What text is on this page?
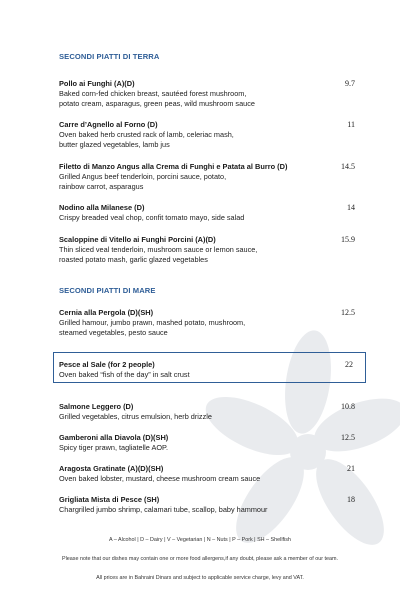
SECONDI PIATTI DI TERRA
Pollo ai Funghi (A)(D)
Baked corn-fed chicken breast, sautéed forest mushroom,
potato cream, asparagus, green peas, wild mushroom sauce
9.7
Carre d’Agnello al Forno (D)
Oven baked herb crusted rack of lamb, celeriac mash,
butter glazed vegetables, lamb jus
11
Filetto di Manzo Angus alla Crema di Funghi e Patata al Burro (D)
Grilled Angus beef tenderloin, porcini sauce, potato,
rainbow carrot, asparagus
14.5
Nodino alla Milanese (D)
Crispy breaded veal chop, confit tomato mayo, side salad
14
Scaloppine di Vitello ai Funghi Porcini (A)(D)
Thin sliced veal tenderloin, mushroom sauce or lemon sauce,
roasted potato mash, garlic glazed vegetables
15.9
SECONDI PIATTI DI MARE
Cernia alla Pergola (D)(SH)
Grilled hamour, jumbo prawn, mashed potato, mushroom,
steamed vegetables, pesto sauce
12.5
Pesce al Sale (for 2 people)
Oven baked “fish of the day” in salt crust
22
Salmone Leggero (D)
Grilled vegetables, citrus emulsion, herb drizzle
10.8
Gamberoni alla Diavola (D)(SH)
Spicy tiger prawn, tagliatelle AOP.
12.5
Aragosta Gratinate (A)(D)(SH)
Oven baked lobster, mustard, cheese mushroom cream sauce
21
Grigliata Mista di Pesce (SH)
Chargrilled jumbo shrimp, calamari tube, scallop, baby hammour
18
A – Alcohol | D – Dairy | V – Vegetarian | N – Nuts | P – Pork | SH – Shellfish
Please note that our dishes may contain one or more food allergens,if any doubt, please ask a member of our team.
All prices are in Bahraini Dinars and subject to applicable service charge, levy and VAT.
